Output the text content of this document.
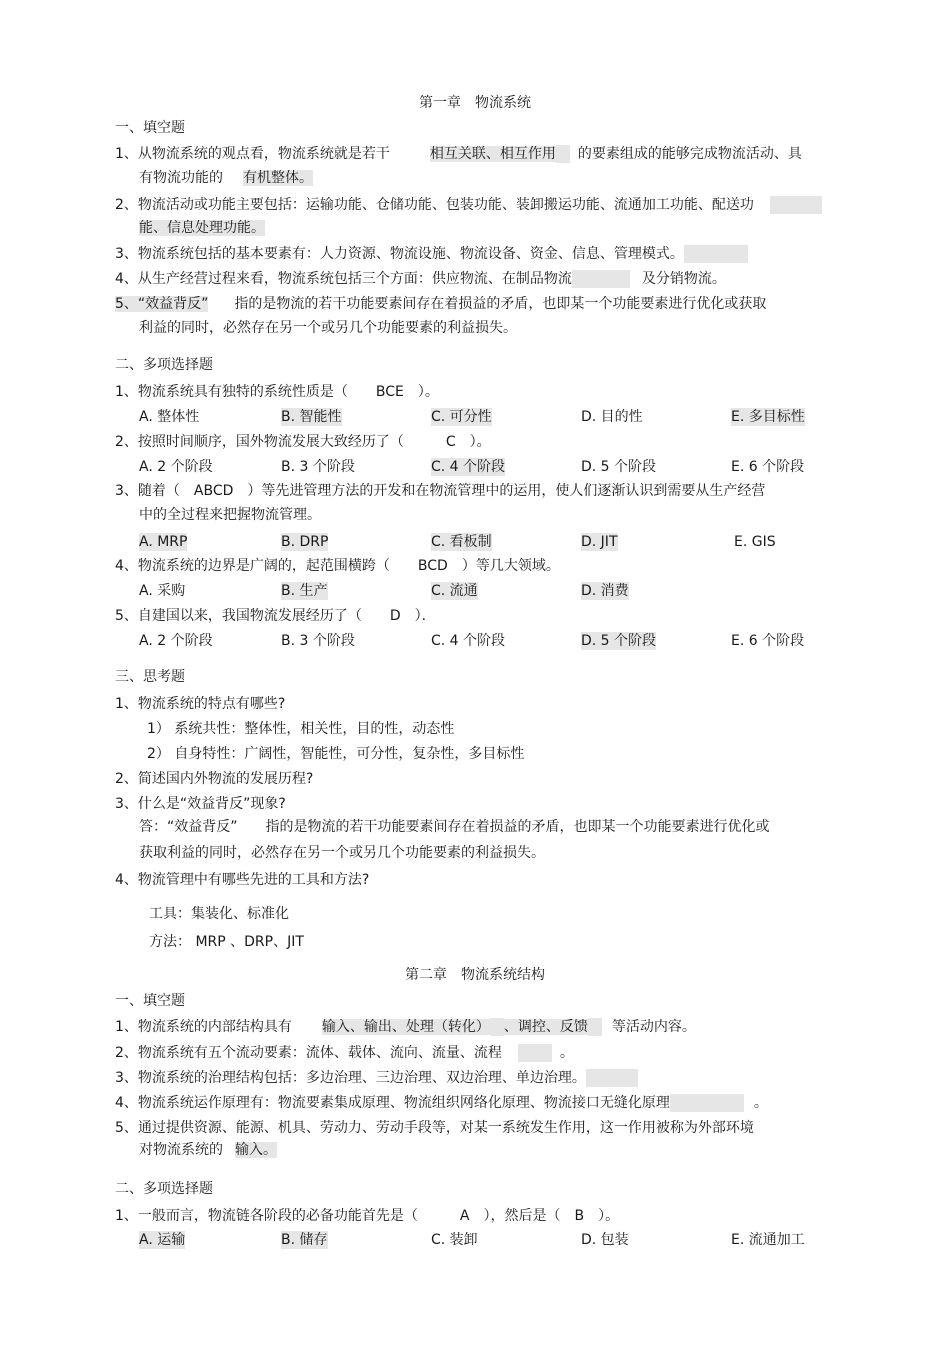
第一章　物流系统
一、填空题
1、从物流系统的观点看，物流系统就是若干	相互关联、相互作用 的要素组成的能够完成物流活动、具
有物流功能的 有机整体。
2、物流活动或功能主要包括：运输功能、仓储功能、包装功能、装卸搬运功能、流通加工功能、配送功
能、信息处理功能。
3、物流系统包括的基本要素有：人力资源、物流设施、物流设备、资金、信息、管理模式。
4、从生产经营过程来看，物流系统包括三个方面：供应物流、在制品物流	及分销物流。
5、“效益背反” 指的是物流的若干功能要素间存在着损益的矛盾，也即某一个功能要素进行优化或获取
利益的同时，必然存在另一个或另几个功能要素的利益损失。
二、多项选择题
1、物流系统具有独特的系统性质是（　　BCE　）。
A. 整体性	B. 智能性	C. 可分性	D. 目的性	E. 多目标性
2、按照时间顺序，国外物流发展大致经历了（　　　C　）。
A. 2 个阶段	B. 3 个阶段	C. 4 个阶段	D. 5 个阶段	E. 6 个阶段
3、随着（　ABCD　）等先进管理方法的开发和在物流管理中的运用，使人们逐渐认识到需要从生产经营
中的全过程来把握物流管理。
A. MRP	B. DRP	C. 看板制	D. JIT	E. GIS
4、物流系统的边界是广阔的，起范围横跨（　　BCD　）等几大领域。
A. 采购	B. 生产	C. 流通	D. 消费
5、自建国以来，我国物流发展经历了（　　D　）．
A. 2 个阶段	B. 3 个阶段	C. 4 个阶段	D. 5 个阶段	E. 6 个阶段
三、思考题
1、物流系统的特点有哪些?
1） 系统共性：整体性，相关性，目的性，动态性
2） 自身特性：广阔性，智能性，可分性，复杂性，多目标性
2、简述国内外物流的发展历程?
3、什么是“效益背反”现象?
答：“效益背反”　　指的是物流的若干功能要素间存在着损益的矛盾，也即某一个功能要素进行优化或
获取利益的同时，必然存在另一个或另几个功能要素的利益损失。
4、物流管理中有哪些先进的工具和方法?
工具：集装化、标准化
方法： MRP 、DRP、JIT
第二章　物流系统结构
一、填空题
1、物流系统的内部结构具有 输入、输出、处理（转化） 、调控、反馈 等活动内容。
2、物流系统有五个流动要素：流体、载体、流向、流量、流程	。
3、物流系统的治理结构包括：多边治理、三边治理、双边治理、单边治理。
4、物流系统运作原理有：物流要素集成原理、物流组织网络化原理、物流接口无缝化原理	。
5、通过提供资源、能源、机具、劳动力、劳动手段等，对某一系统发生作用，这一作用被称为外部环境
对物流系统的 输入。
二、多项选择题
1、一般而言，物流链各阶段的必备功能首先是（　　　A　），然后是（　B　）。
A. 运输	B. 储存	C. 装卸	D. 包装	E. 流通加工
